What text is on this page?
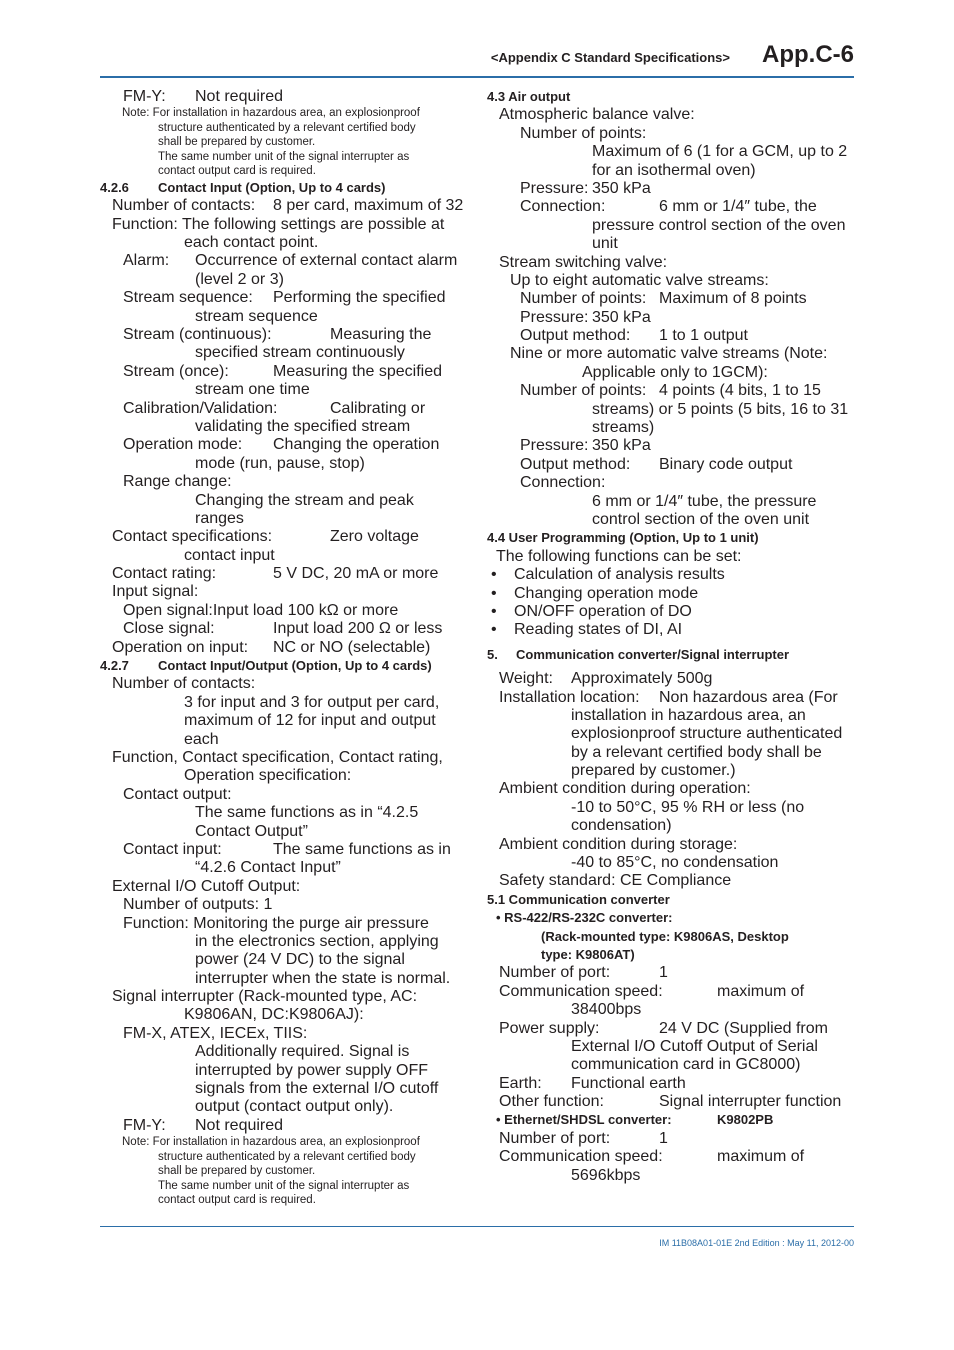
<Appendix C Standard Specifications> App.C-6
FM-Y: Not required
Note: For installation in hazardous area, an explosionproof
structure authenticated by a relevant certified body
shall be prepared by customer.
The same number unit of the signal interrupter as
contact output card is required.
4.2.6 Contact Input (Option, Up to 4 cards)
Number of contacts: 8 per card, maximum of 32
Function: The following settings are possible at
each contact point.
Alarm: Occurrence of external contact alarm
(level 2 or 3)
Stream sequence: Performing the specified
stream sequence
Stream (continuous):	Measuring the
specified stream continuously
Stream (once):	Measuring the specified
stream one time
Calibration/Validation:	Calibrating or
validating the specified stream
Operation mode: Changing the operation
mode (run, pause, stop)
Range change:
Changing the stream and peak
ranges
Contact specifications:	Zero voltage
contact input
Contact rating:	5 V DC, 20 mA or more
Input signal:
Open signal:Input load 100 kΩ or more
Close signal:	Input load 200 Ω or less
Operation on input: NC or NO (selectable)
4.2.7 Contact Input/Output (Option, Up to 4 cards)
Number of contacts:
3 for input and 3 for output per card,
maximum of 12 for input and output
each
Function, Contact specification, Contact rating,
Operation specification:
Contact output:
The same functions as in “4.2.5
Contact Output”
Contact input:	The same functions as in
“4.2.6 Contact Input”
External I/O Cutoff Output:
Number of outputs: 1
Function: Monitoring the purge air pressure
in the electronics section, applying
power (24 V DC) to the signal
interrupter when the state is normal.
Signal interrupter (Rack-mounted type, AC:
K9806AN, DC:K9806AJ):
FM-X, ATEX, IECEx, TIIS:
Additionally required. Signal is
interrupted by power supply OFF
signals from the external I/O cutoff
output (contact output only).
FM-Y: Not required
Note: For installation in hazardous area, an explosionproof
structure authenticated by a relevant certified body
shall be prepared by customer.
The same number unit of the signal interrupter as
contact output card is required.
4.3 Air output
Atmospheric balance valve:
Number of points:
Maximum of 6 (1 for a GCM, up to 2
for an isothermal oven)
Pressure: 350 kPa
Connection:	6 mm or 1/4″ tube, the
pressure control section of the oven
unit
Stream switching valve:
Up to eight automatic valve streams:
Number of points: Maximum of 8 points
Pressure: 350 kPa
Output method: 1 to 1 output
Nine or more automatic valve streams (Note:
Applicable only to 1GCM):
Number of points: 4 points (4 bits, 1 to 15
streams) or 5 points (5 bits, 16 to 31
streams)
Pressure: 350 kPa
Output method: Binary code output
Connection:
6 mm or 1/4″ tube, the pressure
control section of the oven unit
4.4 User Programming (Option, Up to 1 unit)
The following functions can be set:
• Calculation of analysis results
• Changing operation mode
• ON/OFF operation of DO
• Reading states of DI, AI
5. Communication converter/Signal interrupter
Weight: Approximately 500g
Installation location: Non hazardous area (For
installation in hazardous area, an
explosionproof structure authenticated
by a relevant certified body shall be
prepared by customer.)
Ambient condition during operation:
-10 to 50°C, 95 % RH or less (no
condensation)
Ambient condition during storage:
-40 to 85°C, no condensation
Safety standard: CE Compliance
5.1 Communication converter
• RS-422/RS-232C converter:
(Rack-mounted type: K9806AS, Desktop
type: K9806AT)
Number of port:	1
Communication speed:	maximum of
38400bps
Power supply:	24 V DC (Supplied from
External I/O Cutoff Output of Serial
communication card in GC8000)
Earth: Functional earth
Other function:	Signal interrupter function
• Ethernet/SHDSL converter:	K9802PB
Number of port:	1
Communication speed:	maximum of
5696kbps
IM 11B08A01-01E 2nd Edition : May 11, 2012-00
